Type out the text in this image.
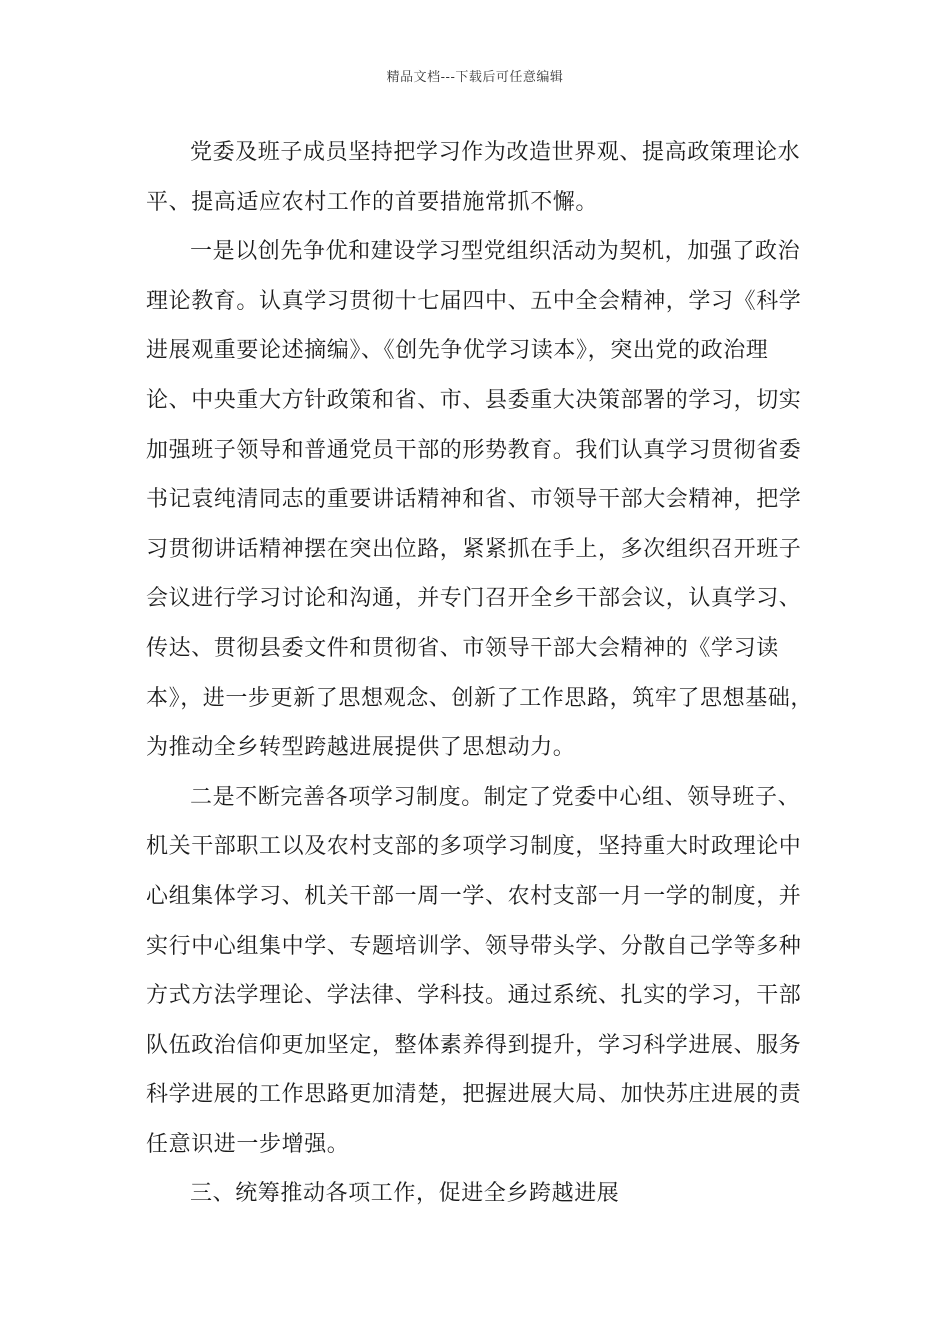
精品文档---下载后可任意编辑
党委及班子成员坚持把学习作为改造世界观、提高政策理论水
平、提高适应农村工作的首要措施常抓不懈。
一是以创先争优和建设学习型党组织活动为契机，加强了政治
理论教育。认真学习贯彻十七届四中、五中全会精神，学习《科学
进展观重要论述摘编》、《创先争优学习读本》，突出党的政治理
论、中央重大方针政策和省、市、县委重大决策部署的学习，切实
加强班子领导和普通党员干部的形势教育。我们认真学习贯彻省委
书记袁纯清同志的重要讲话精神和省、市领导干部大会精神，把学
习贯彻讲话精神摆在突出位路，紧紧抓在手上，多次组织召开班子
会议进行学习讨论和沟通，并专门召开全乡干部会议，认真学习、
传达、贯彻县委文件和贯彻省、市领导干部大会精神的《学习读
本》，进一步更新了思想观念、创新了工作思路，筑牢了思想基础，
为推动全乡转型跨越进展提供了思想动力。
二是不断完善各项学习制度。制定了党委中心组、领导班子、
机关干部职工以及农村支部的多项学习制度，坚持重大时政理论中
心组集体学习、机关干部一周一学、农村支部一月一学的制度，并
实行中心组集中学、专题培训学、领导带头学、分散自己学等多种
方式方法学理论、学法律、学科技。通过系统、扎实的学习，干部
队伍政治信仰更加坚定，整体素养得到提升，学习科学进展、服务
科学进展的工作思路更加清楚，把握进展大局、加快苏庄进展的责
任意识进一步增强。
三、统筹推动各项工作，促进全乡跨越进展
